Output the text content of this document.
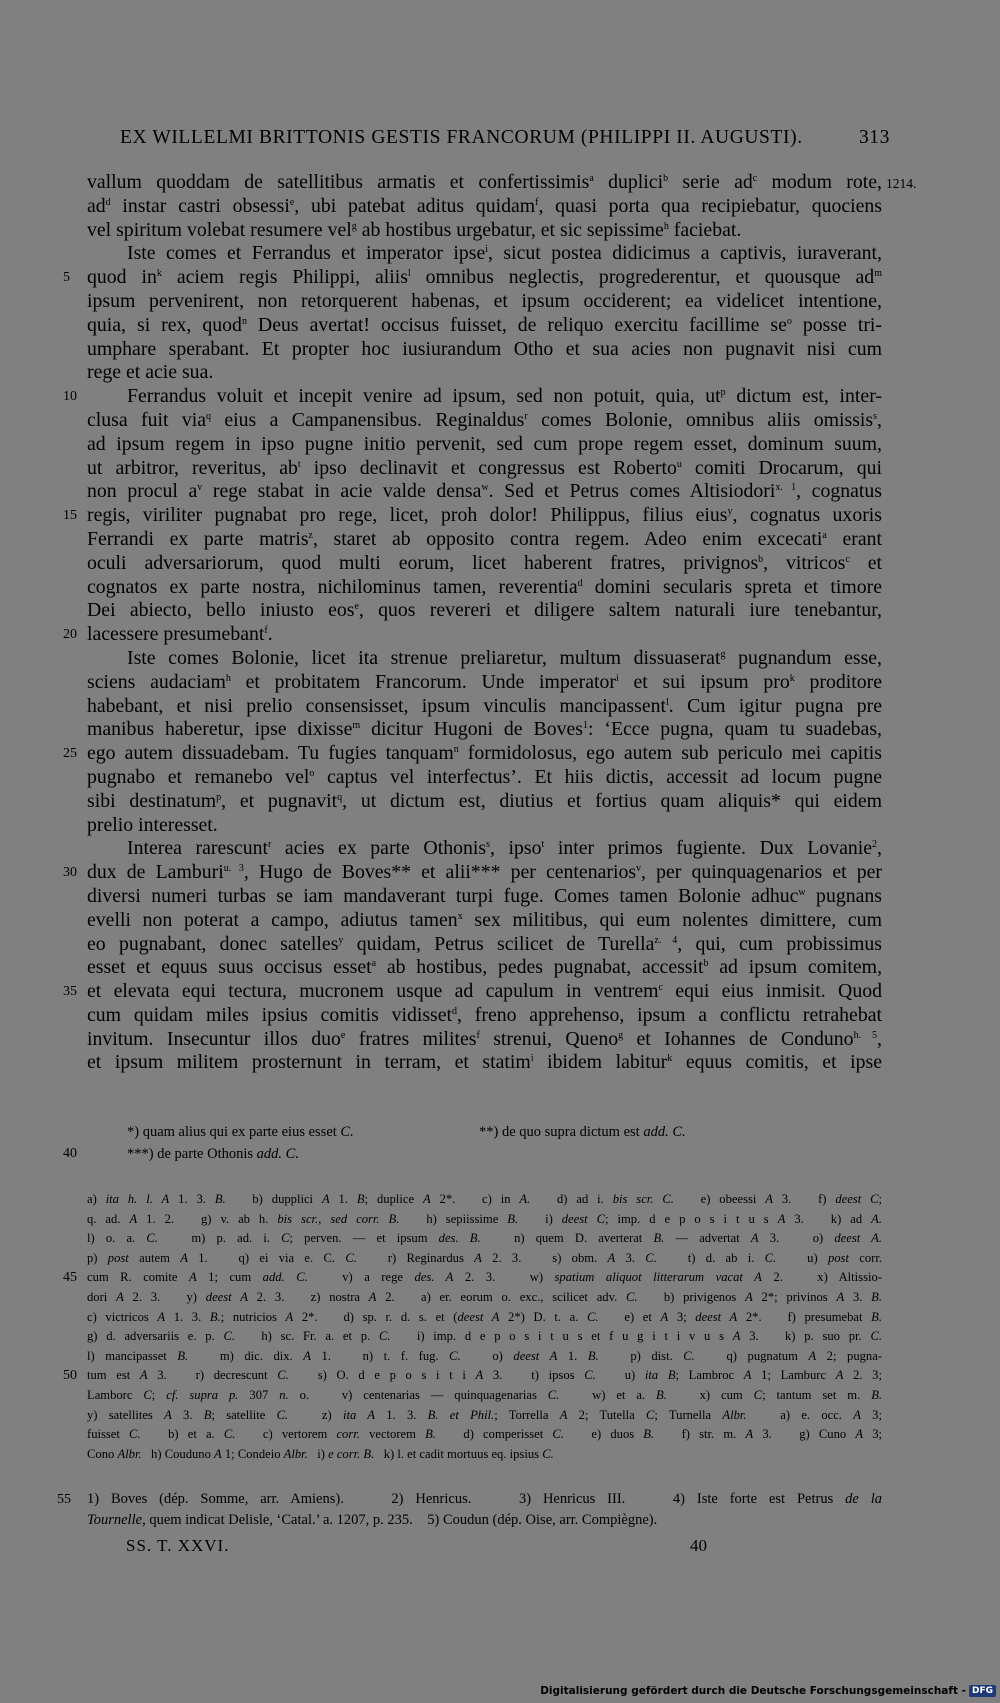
EX WILLELMI BRITTONIS GESTIS FRANCORUM (PHILIPPI II. AUGUSTI).	313
1214.
vallum quoddam de satellitibus armatis et confertissimis$^a$ duplici$^b$ serie $ad^c$ modum rote,
$ad^d$ instar castri obsessi$^e$, ubi patebat aditus quidam$^f$, quasi porta qua recipiebatur, quociens
vel spiritum volebat resumere vel$^g$ ab hostibus urgebatur, et sic sepissime$^h$ faciebat.
Iste comes et Ferrandus et imperator ipse$^i$, sicut postea didicimus a captivis, iuraverant,
5 quod $in^k$ aciem regis Philippi, aliis$^l$ omnibus neglectis, progrederentur, et quousque $ad^m$
ipsum pervenirent, non retorquerent habenas, et ipsum occiderent; ea videlicet intentione,
quia, si rex, quod$^n$ Deus avertat! occisus fuisset, de reliquo exercitu facillime $se^o$ posse tri-
umphare sperabant. Et propter hoc iusiurandum Otho et sua acies non pugnavit nisi cum
rege et acie sua.
10	Ferrandus voluit et incepit venire ad ipsum, sed non potuit, quia, $ut^p$ dictum est, inter-
clusa fuit via$^q$ eius a Campanensibus. Reginaldus$^r$ comes Bolonie, omnibus aliis omissis$^s$,
ad ipsum regem in ipso pugne initio pervenit, sed cum prope regem esset, dominum suum,
ut arbitror, reveritus, $ab^t$ ipso declinavit et congressus est Roberto$^u$ comiti Drocarum, qui
non procul $a^v$ rege stabat in acie valde densa$^w$. Sed et Petrus comes Altisiodori$^{x. 1}$, cognatus
15 regis, viriliter pugnabat pro rege, licet, proh dolor! Philippus, filius eius$^y$, cognatus uxoris
Ferrandi ex parte matris$^z$, staret ab opposito contra regem. Adeo enim excecati$^a$ erant
oculi adversariorum, quod multi eorum, licet haberent fratres, privignos$^b$, vitricos$^c$ et
cognatos ex parte nostra, nichilominus tamen, reverentia$^d$ domini secularis spreta et timore
Dei abiecto, bello iniusto eos$^e$, quos revereri et diligere saltem naturali iure tenebantur,
20 lacessere presumebant$^f$.
Iste comes Bolonie, licet ita strenue preliaretur, multum dissuaserat$^g$ pugnandum esse,
sciens audaciam$^h$ et probitatem Francorum. Unde imperator$^i$ et sui ipsum pro$^k$ proditore
habebant, et nisi prelio consensisset, ipsum vinculis mancipassent$^l$. Cum igitur pugna pre
manibus haberetur, ipse dixisse$^m$ dicitur Hugoni de Boves$^1$: ‘Ecce pugna, quam tu suadebas,
25 ego autem dissuadebam. Tu fugies tanquam$^n$ formidolosus, ego autem sub periculo mei capitis
pugnabo et remanebo vel$^o$ captus vel interfectus’. Et hiis dictis, accessit ad locum pugne
sibi destinatum$^p$, et pugnavit$^q$, ut dictum est, diutius et fortius quam aliquis* qui eidem
prelio interesset.
Interea rarescunt$^r$ acies ex parte Othonis$^s$, ipso$^t$ inter primos fugiente. Dux Lovanie$^2$,
30 dux de Lamburi$^{u. 3}$, Hugo de Boves** et alii*** per centenarios$^v$, per quinquagenarios et per
diversi numeri turbas se iam mandaverant turpi fuge. Comes tamen Bolonie adhuc$^w$ pugnans
evelli non poterat a campo, adiutus tamen$^x$ sex militibus, qui eum nolentes dimittere, cum
eo pugnabant, donec satelles$^y$ quidam, Petrus scilicet de Turella$^{z. 4}$, qui, cum probissimus
esset et equus suus occisus esset$^a$ ab hostibus, pedes pugnabat, accessit$^b$ ad ipsum comitem,
35 et elevata equi tectura, mucronem usque ad capulum in ventrem$^c$ equi eius inmisit. Quod
cum quidam miles ipsius comitis vidisset$^d$, freno apprehenso, ipsum a conflictu retrahebat
invitum. Insecuntur illos duo$^e$ fratres milites$^f$ strenui, Queno$^g$ et Iohannes de Conduno$^{h. 5}$,
et ipsum militem prosternunt in terram, et statim$^i$ ibidem labitur$^k$ equus comitis, et ipse
*) quam alius qui ex parte eius esset C.	**) de quo supra dictum est add. C.
40	***) de parte Othonis add. C.
a) ita h. l. A 1. 3. B.   b) dupplici A 1. B; duplice A 2*.   c) in A.   d) ad i. bis scr. C.   e) obeessi A 3.   f) deest C;
q. ad. A 1. 2.   g) v. ab h. bis scr., sed corr. B.   h) sepiissime B.   i) deest C; imp. d e p o s i t u s A 3.   k) ad A.
l) o. a. C.   m) p. ad. i. C; perven. — et ipsum des. B.   n) quem D. averterat B. — advertat A 3.   o) deest A.
p) post autem A 1.   q) ei via e. C. C.   r) Reginardus A 2. 3.   s) obm. A 3. C.   t) d. ab i. C.   u) post corr.
45 cum R. comite A 1; cum add. C.   v) a rege des. A 2. 3.   w) spatium aliquot litterarum vacat A 2.   x) Altissio-
dori A 2. 3.   y) deest A 2. 3.   z) nostra A 2.   a) er. eorum o. exc., scilicet adv. C.   b) privigenos A 2*; privinos A 3. B.
c) victricos A 1. 3. B.; nutricios A 2*.   d) sp. r. d. s. et (deest A 2*) D. t. a. C.   e) et A 3; deest A 2*.   f) presumebat B.
g) d. adversariis e. p. C.   h) sc. Fr. a. et p. C.   i) imp. d e p o s i t u s et f u g i t i v u s A 3.   k) p. suo pr. C.
l) mancipasset B.   m) dic. dix. A 1.   n) t. f. fug. C.   o) deest A 1. B.   p) dist. C.   q) pugnatum A 2; pugna-
50 tum est A 3.   r) decrescunt C.   s) O. d e p o s i t i A 3.   t) ipsos C.   u) ita B; Lambroc A 1; Lamburc A 2. 3;
Lamborc C; cf. supra p. 307 n. o.   v) centenarias — quinquagenarias C.   w) et a. B.   x) cum C; tantum set m. B.
y) satellites A 3. B; satellite C.   z) ita A 1. 3. B. et Phil.; Torrella A 2; Tutella C; Turnella Albr.   a) e. occ. A 3;
fuisset C.   b) et a. C.   c) vertorem corr. vectorem B.   d) comperisset C.   e) duos B.   f) str. m. A 3.   g) Cuno A 3;
Cono Albr.   h) Couduno A 1; Condeio Albr.   i) e corr. B.   k) l. et cadit mortuus eq. ipsius C.
55 1) Boves (dép. Somme, arr. Amiens).    2) Henricus.    3) Henricus III.    4) Iste forte est Petrus de la
Tournelle, quem indicat Delisle, ‘Catal.’ a. 1207, p. 235.    5) Coudun (dép. Oise, arr. Compiègne).
SS. T. XXVI.	40
Digitalisierung gefördert durch die Deutsche Forschungsgemeinschaft - DFG
